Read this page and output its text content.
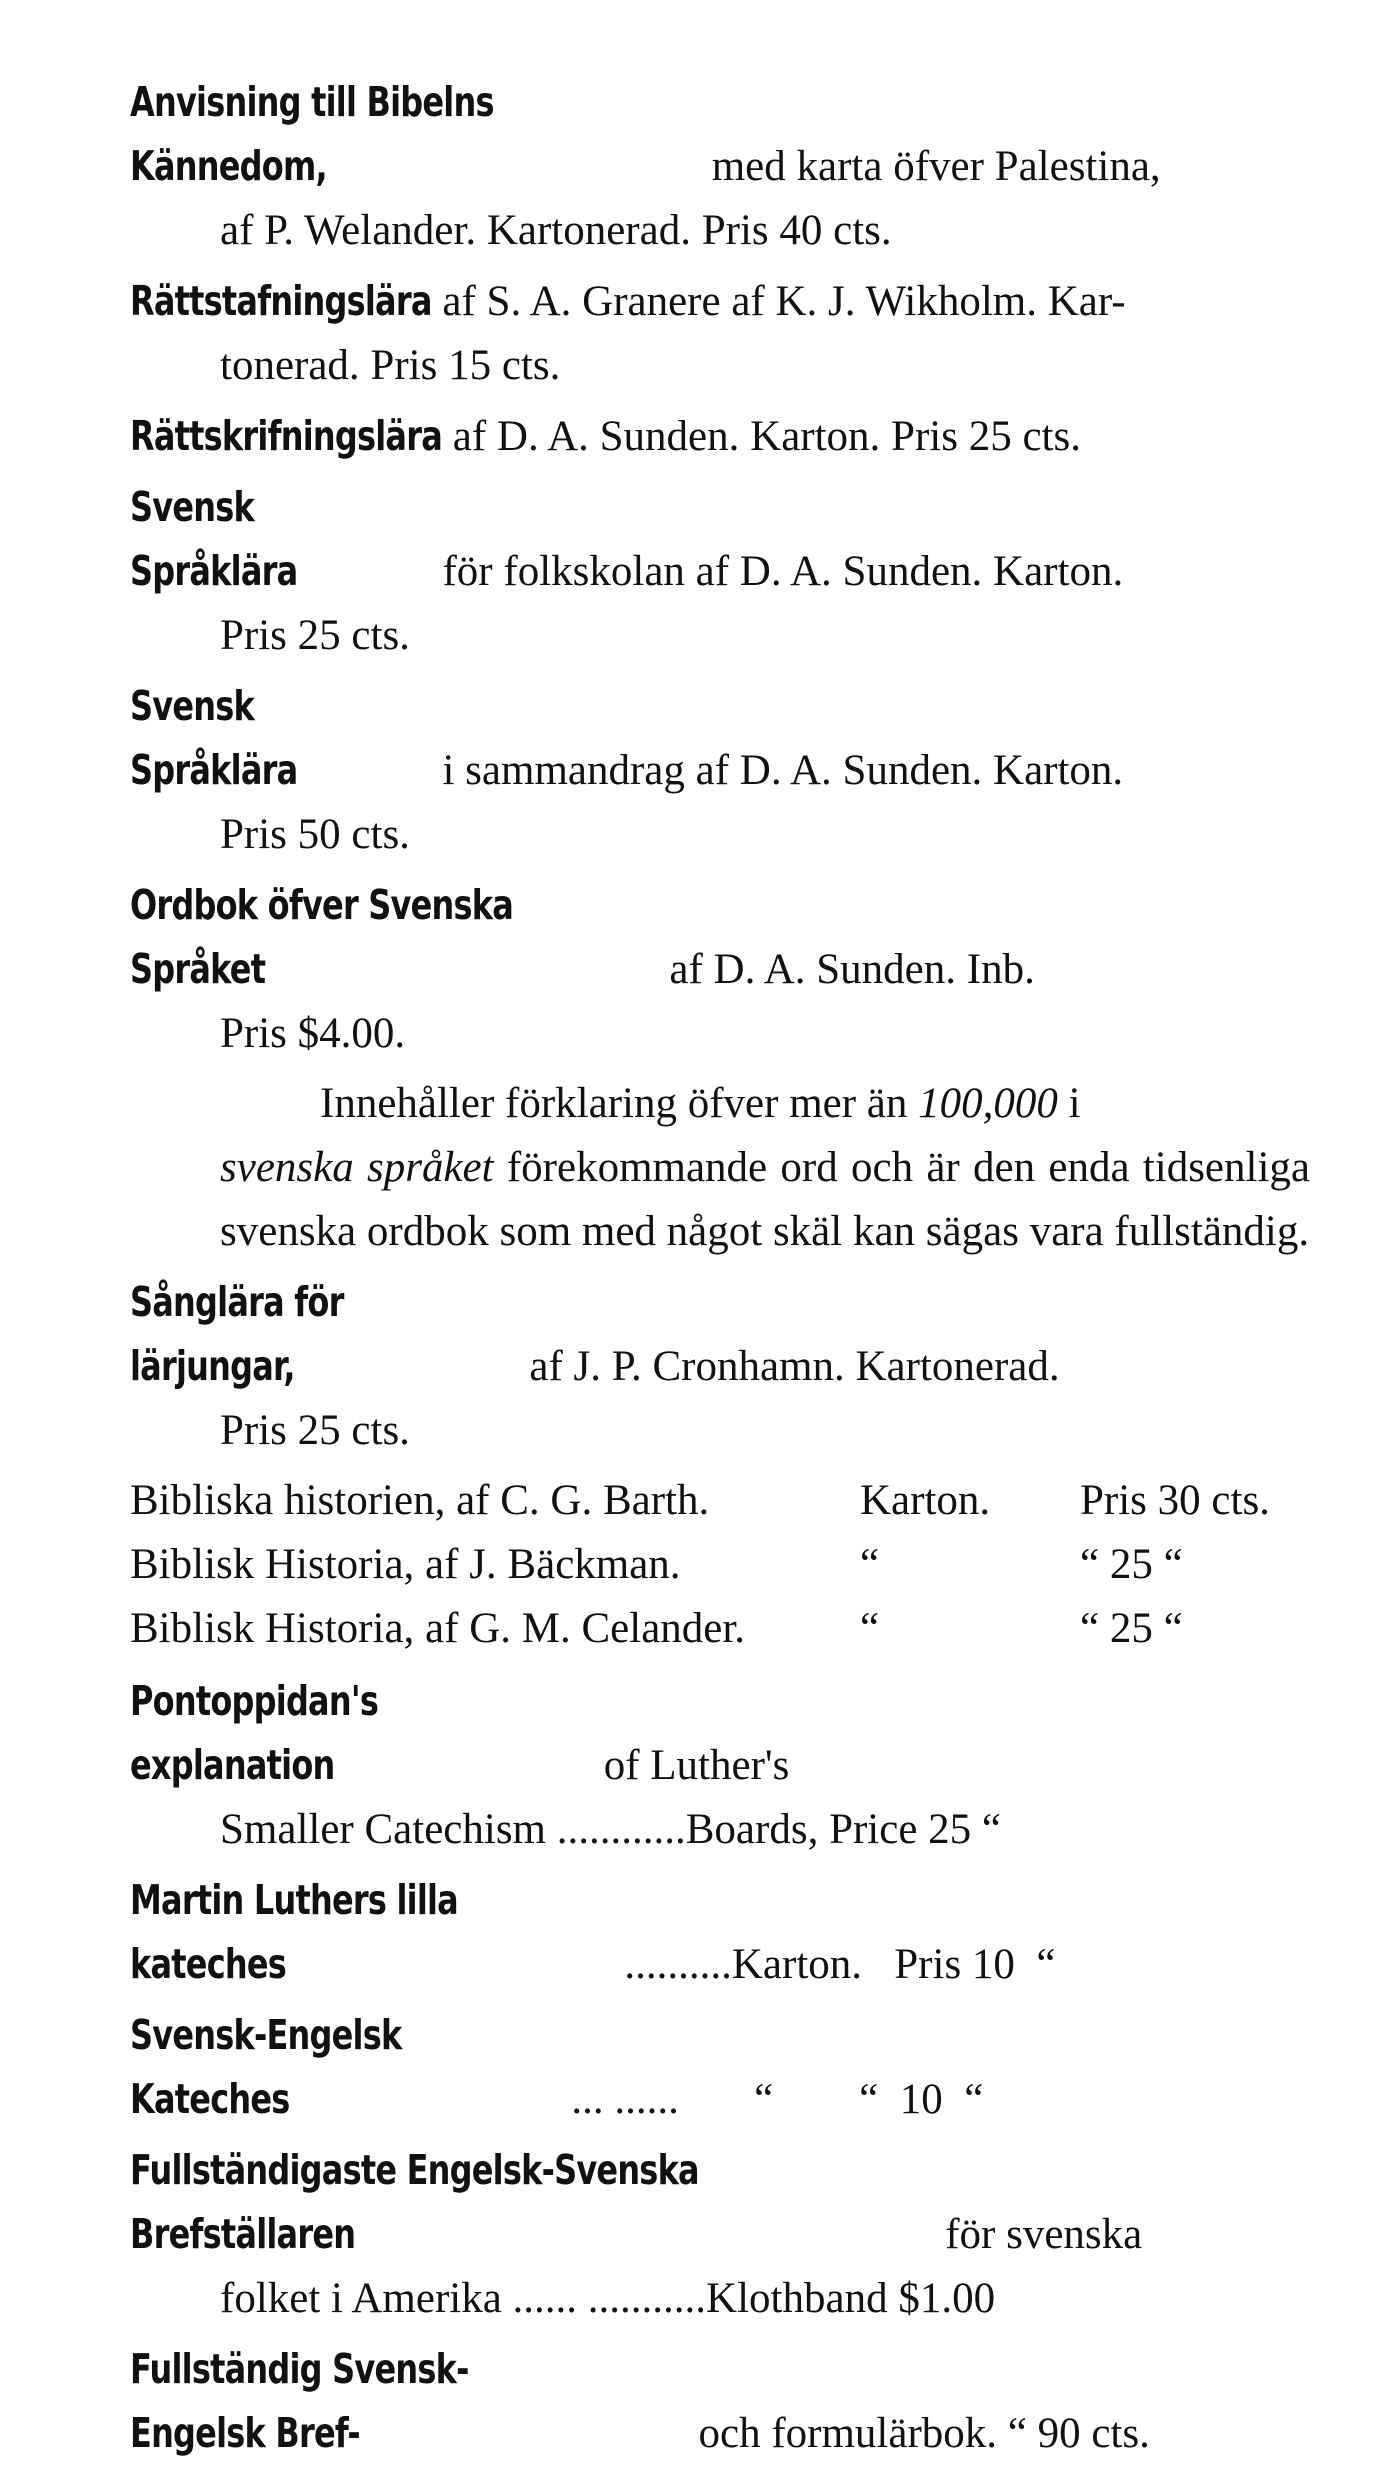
Anvisning till Bibelns Kännedom,	med karta öfver Palestina,
af P. Welander. Kartonerad. Pris 40 cts.
Rättstafningslära af S. A. Granere af K. J. Wikholm. Kar-
tonerad. Pris 15 cts.
Rättskrifningslära af D. A. Sunden. Karton. Pris 25 cts.
Svensk Språklära	för folkskolan af D. A. Sunden. Karton.
Pris 25 cts.
Svensk Språklära	i sammandrag af D. A. Sunden. Karton.
Pris 50 cts.
Ordbok öfver Svenska Språket	af D. A. Sunden. Inb.
Pris $4.00.
Innehåller förklaring öfver mer än 100,000 i
svenska språket förekommande ord och är den enda tidsenliga svenska ordbok som med något skäl kan sägas vara fullständig.
Sånglära för lärjungar,	af J. P. Cronhamn. Kartonerad.
Pris 25 cts.
Bibliska historien, af C. G. Barth.	Karton.	Pris 30 cts.
Biblisk Historia, af J. Bäckman.	“	“ 25 “
Biblisk Historia, af G. M. Celander.	“	“ 25 “
Pontoppidan's explanation	of Luther's
Smaller Catechism ............Boards, Price 25 “
Martin Luthers lilla kateches	..........Karton.   Pris 10  “
Svensk-Engelsk Kateches	... ......       “        “  10  “
Fullständigaste Engelsk-Svenska Brefställaren	för svenska
folket i Amerika ...... ...........Klothband $1.00
Fullständig Svensk-Engelsk Bref-	och formulärbok. “ 90 cts.
